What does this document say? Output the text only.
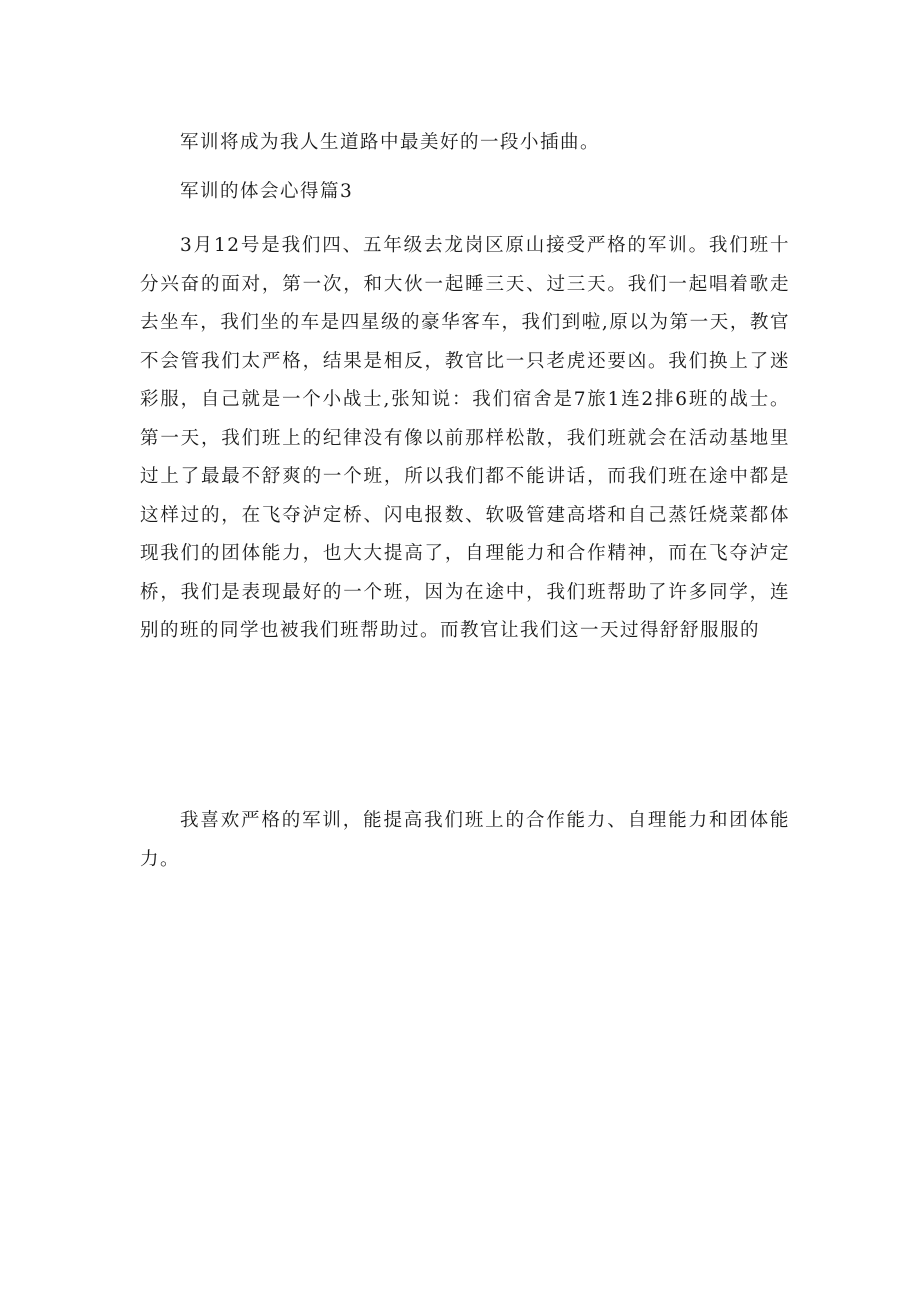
军训将成为我人生道路中最美好的一段小插曲。

军训的体会心得篇3

3月12号是我们四、五年级去龙岗区原山接受严格的军训。我们班十分兴奋的面对，第一次，和大伙一起睡三天、过三天。我们一起唱着歌走去坐车，我们坐的车是四星级的豪华客车，我们到啦,原以为第一天，教官不会管我们太严格，结果是相反，教官比一只老虎还要凶。我们换上了迷彩服，自己就是一个小战士,张知说：我们宿舍是7旅1连2排6班的战士。第一天，我们班上的纪律没有像以前那样松散，我们班就会在活动基地里过上了最最不舒爽的一个班，所以我们都不能讲话，而我们班在途中都是这样过的，在飞夺泸定桥、闪电报数、软吸管建高塔和自己蒸饪烧菜都体现我们的团体能力，也大大提高了，自理能力和合作精神，而在飞夺泸定桥，我们是表现最好的一个班，因为在途中，我们班帮助了许多同学，连别的班的同学也被我们班帮助过。而教官让我们这一天过得舒舒服服的

我喜欢严格的军训，能提高我们班上的合作能力、自理能力和团体能力。
